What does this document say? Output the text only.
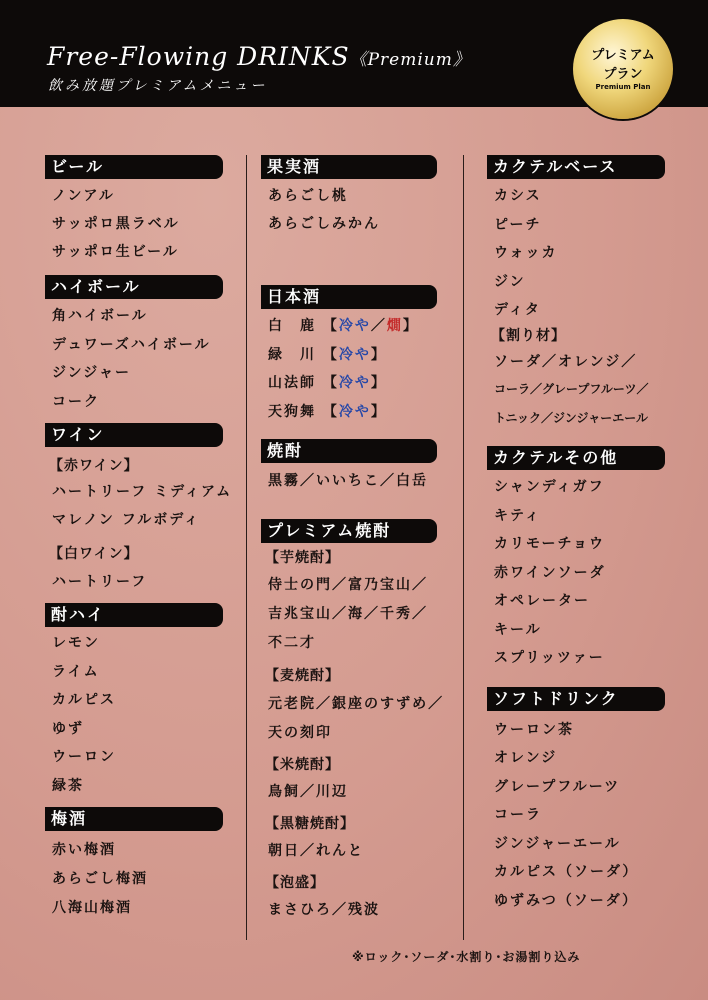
Free-Flowing DRINKS《Premium》
飲み放題プレミアムメニュー
プレミアム
プラン
Premium Plan
ビール
ノンアル
サッポロ黒ラベル
サッポロ生ビール
ハイボール
角ハイボール
デュワーズハイボール
ジンジャー
コーク
ワイン
【赤ワイン】
ハートリーフ ミディアム
マレノン フルボディ
【白ワイン】
ハートリーフ
酎ハイ
レモン
ライム
カルピス
ゆず
ウーロン
緑茶
梅酒
赤い梅酒
あらごし梅酒
八海山梅酒
果実酒
あらごし桃
あらごしみかん
日本酒
白　鹿 【冷や／燗】
緑　川 【冷や】
山法師 【冷や】
天狗舞 【冷や】
焼酎
黒霧／いいちこ／白岳
プレミアム焼酎
【芋焼酎】
侍士の門／富乃宝山／
吉兆宝山／海／千秀／
不二才
【麦焼酎】
元老院／銀座のすずめ／
天の刻印
【米焼酎】
鳥飼／川辺
【黒糖焼酎】
朝日／れんと
【泡盛】
まさひろ／残波
カクテルベース
カシス
ピーチ
ウォッカ
ジン
ディタ
【割り材】
ソーダ／オレンジ／
コーラ／グレープフルーツ／
トニック／ジンジャーエール
カクテルその他
シャンディガフ
キティ
カリモーチョウ
赤ワインソーダ
オペレーター
キール
スプリッツァー
ソフトドリンク
ウーロン茶
オレンジ
グレープフルーツ
コーラ
ジンジャーエール
カルピス（ソーダ）
ゆずみつ（ソーダ）
※ロック･ソーダ･水割り･お湯割り込み
